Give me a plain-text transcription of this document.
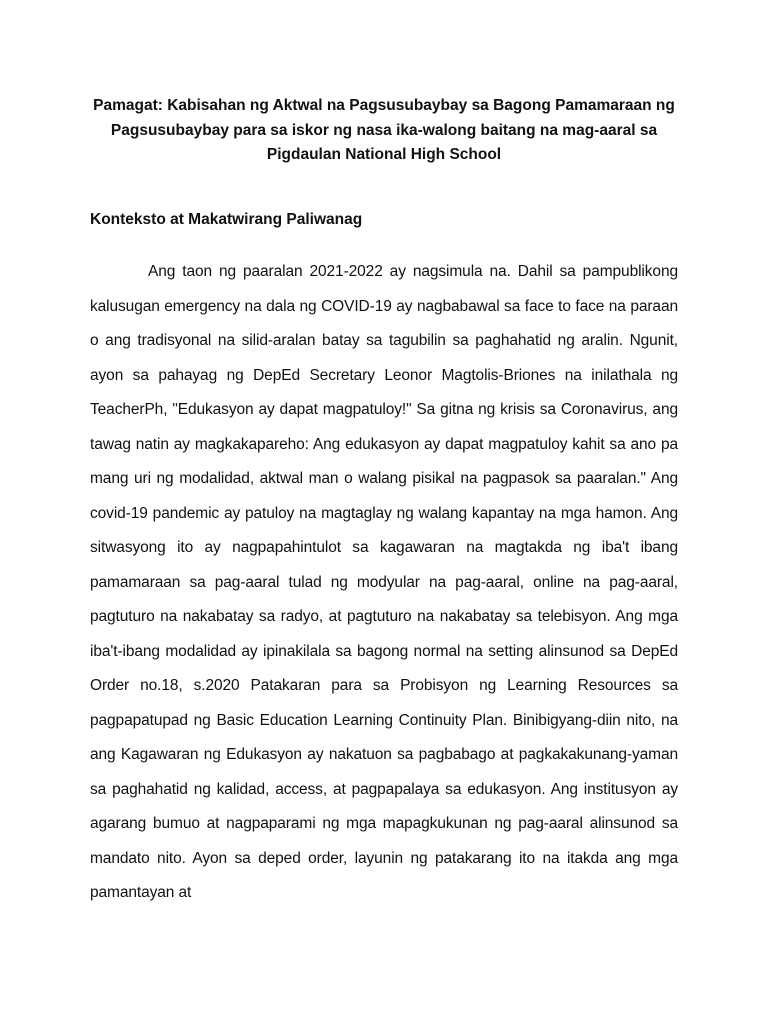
Pamagat: Kabisahan ng Aktwal na Pagsusubaybay sa Bagong Pamamaraan ng Pagsusubaybay para sa iskor ng nasa ika-walong baitang na mag-aaral sa Pigdaulan National High School
Konteksto at Makatwirang Paliwanag

Ang taon ng paaralan 2021-2022 ay nagsimula na. Dahil sa pampublikong kalusugan emergency na dala ng COVID-19 ay nagbabawal sa face to face na paraan o ang tradisyonal na silid-aralan batay sa tagubilin sa paghahatid ng aralin. Ngunit, ayon sa pahayag ng DepEd Secretary Leonor Magtolis-Briones na inilathala ng TeacherPh, "Edukasyon ay dapat magpatuloy!" Sa gitna ng krisis sa Coronavirus, ang tawag natin ay magkakapareho: Ang edukasyon ay dapat magpatuloy kahit sa ano pa mang uri ng modalidad, aktwal man o walang pisikal na pagpasok sa paaralan." Ang covid-19 pandemic ay patuloy na magtaglay ng walang kapantay na mga hamon. Ang sitwasyong ito ay nagpapahintulot sa kagawaran na magtakda ng iba't ibang pamamaraan sa pag-aaral tulad ng modyular na pag-aaral, online na pag-aaral, pagtuturo na nakabatay sa radyo, at pagtuturo na nakabatay sa telebisyon. Ang mga iba't-ibang modalidad ay ipinakilala sa bagong normal na setting alinsunod sa DepEd Order no.18, s.2020 Patakaran para sa Probisyon ng Learning Resources sa pagpapatupad ng Basic Education Learning Continuity Plan. Binibigyang-diin nito, na ang Kagawaran ng Edukasyon ay nakatuon sa pagbabago at pagkakakunang-yaman sa paghahatid ng kalidad, access, at pagpapalaya sa edukasyon. Ang institusyon ay agarang bumuo at nagpaparami ng mga mapagkukunan ng pag-aaral alinsunod sa mandato nito. Ayon sa deped order, layunin ng patakarang ito na itakda ang mga pamantayan at
